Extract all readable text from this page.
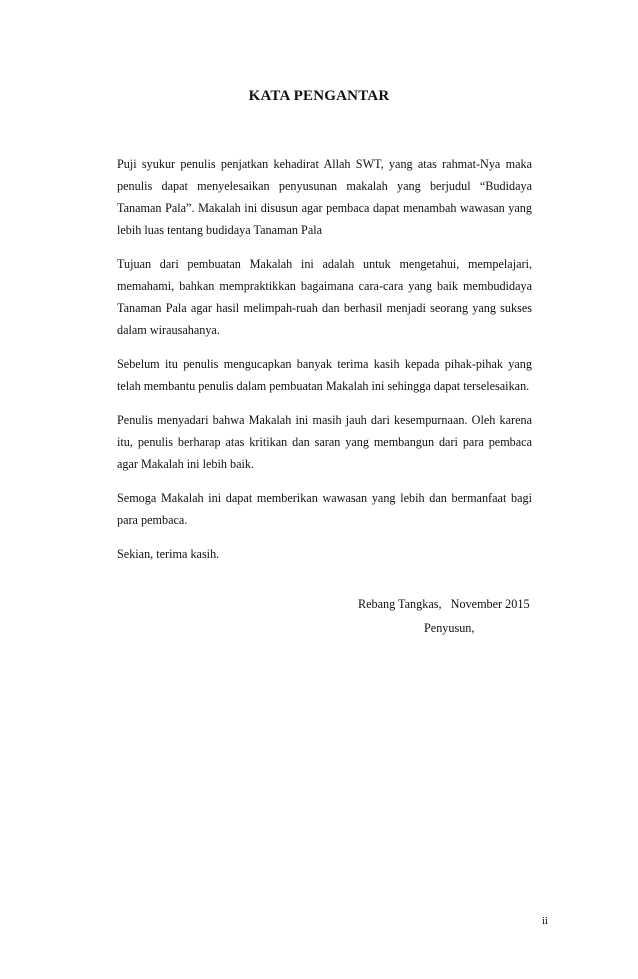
KATA PENGANTAR

Puji syukur penulis penjatkan kehadirat Allah SWT, yang atas rahmat-Nya maka penulis dapat menyelesaikan penyusunan makalah yang berjudul “Budidaya Tanaman Pala”. Makalah ini disusun agar pembaca dapat menambah wawasan yang lebih luas tentang budidaya Tanaman Pala

Tujuan dari pembuatan Makalah ini adalah untuk mengetahui, mempelajari, memahami, bahkan mempraktikkan bagaimana cara-cara yang baik membudidaya Tanaman Pala agar hasil melimpah-ruah dan berhasil menjadi seorang yang sukses dalam wirausahanya.

Sebelum itu penulis mengucapkan banyak terima kasih kepada pihak-pihak yang telah membantu penulis dalam pembuatan Makalah ini sehingga dapat terselesaikan.

Penulis menyadari bahwa Makalah ini masih jauh dari kesempurnaan. Oleh karena itu, penulis berharap atas kritikan dan saran yang membangun dari para pembaca agar Makalah ini lebih baik.

Semoga Makalah ini dapat memberikan wawasan yang lebih dan bermanfaat bagi para pembaca.

Sekian, terima kasih.

Rebang Tangkas,   November 2015
Penyusun,
ii
